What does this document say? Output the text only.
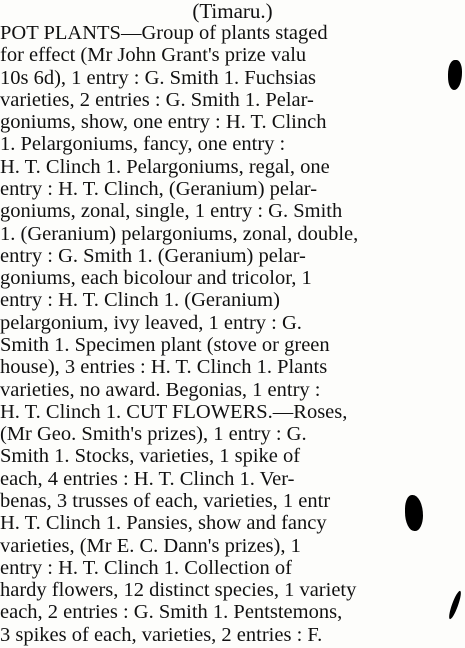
(Timaru.)
POT PLANTS—Group of plants staged
for effect (Mr John Grant's prize valu
10s 6d), 1 entry : G. Smith 1. Fuchsias
varieties, 2 entries : G. Smith 1. Pelar-
goniums, show, one entry : H. T. Clinch
1. Pelargoniums, fancy, one entry :
H. T. Clinch 1. Pelargoniums, regal, one
entry : H. T. Clinch, (Geranium) pelar-
goniums, zonal, single, 1 entry : G. Smith
1. (Geranium) pelargoniums, zonal, double,
entry : G. Smith 1. (Geranium) pelar-
goniums, each bicolour and tricolor, 1
entry : H. T. Clinch 1. (Geranium)
pelargonium, ivy leaved, 1 entry : G.
Smith 1. Specimen plant (stove or green
house), 3 entries : H. T. Clinch 1. Plants
varieties, no award. Begonias, 1 entry :
H. T. Clinch 1. CUT FLOWERS.—Roses,
(Mr Geo. Smith's prizes), 1 entry : G.
Smith 1. Stocks, varieties, 1 spike of
each, 4 entries : H. T. Clinch 1. Ver-
benas, 3 trusses of each, varieties, 1 entr
H. T. Clinch 1. Pansies, show and fancy
varieties, (Mr E. C. Dann's prizes), 1
entry : H. T. Clinch 1. Collection of
hardy flowers, 12 distinct species, 1 variety
each, 2 entries : G. Smith 1. Pentstemons,
3 spikes of each, varieties, 2 entries : F.
